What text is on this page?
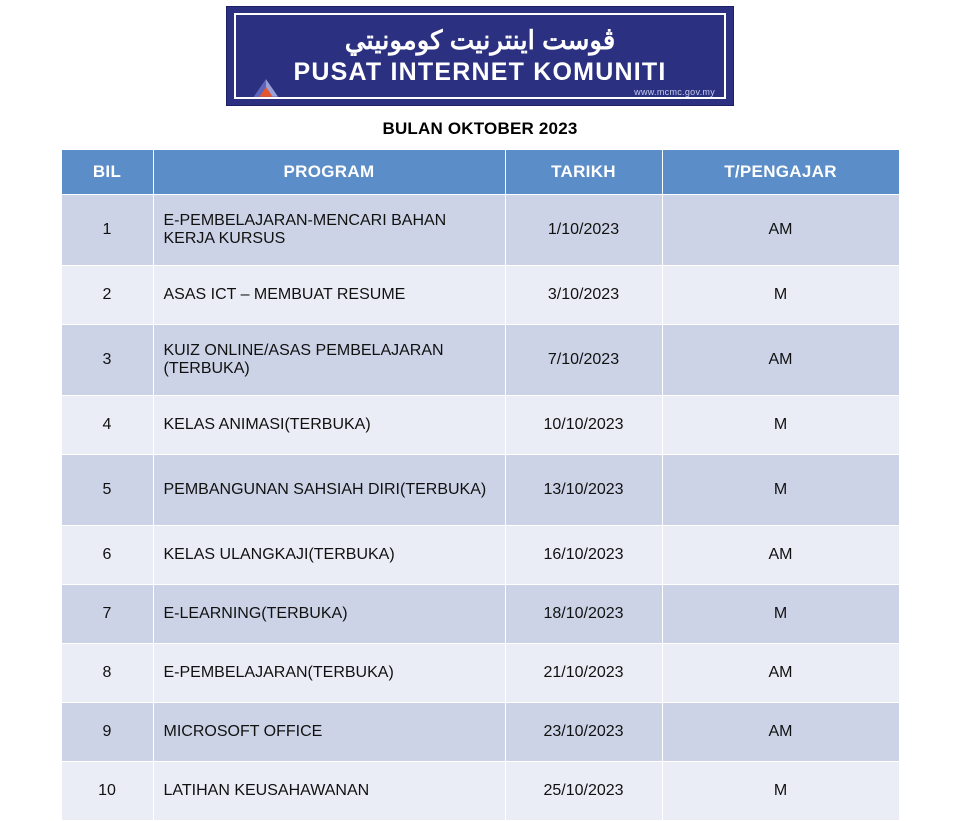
ڤوست اينترنيت كومونيتي
PUSAT INTERNET KOMUNITI
www.mcmc.gov.my
BULAN OKTOBER 2023
BIL	PROGRAM	TARIKH	T/PENGAJAR
1	E-PEMBELAJARAN-MENCARI BAHAN KERJA KURSUS	1/10/2023	AM
2	ASAS ICT – MEMBUAT RESUME	3/10/2023	M
3	KUIZ ONLINE/ASAS PEMBELAJARAN (TERBUKA)	7/10/2023	AM
4	KELAS ANIMASI(TERBUKA)	10/10/2023	M
5	PEMBANGUNAN SAHSIAH DIRI(TERBUKA)	13/10/2023	M
6	KELAS ULANGKAJI(TERBUKA)	16/10/2023	AM
7	E-LEARNING(TERBUKA)	18/10/2023	M
8	E-PEMBELAJARAN(TERBUKA)	21/10/2023	AM
9	MICROSOFT OFFICE	23/10/2023	AM
10	LATIHAN KEUSAHAWANAN	25/10/2023	M
